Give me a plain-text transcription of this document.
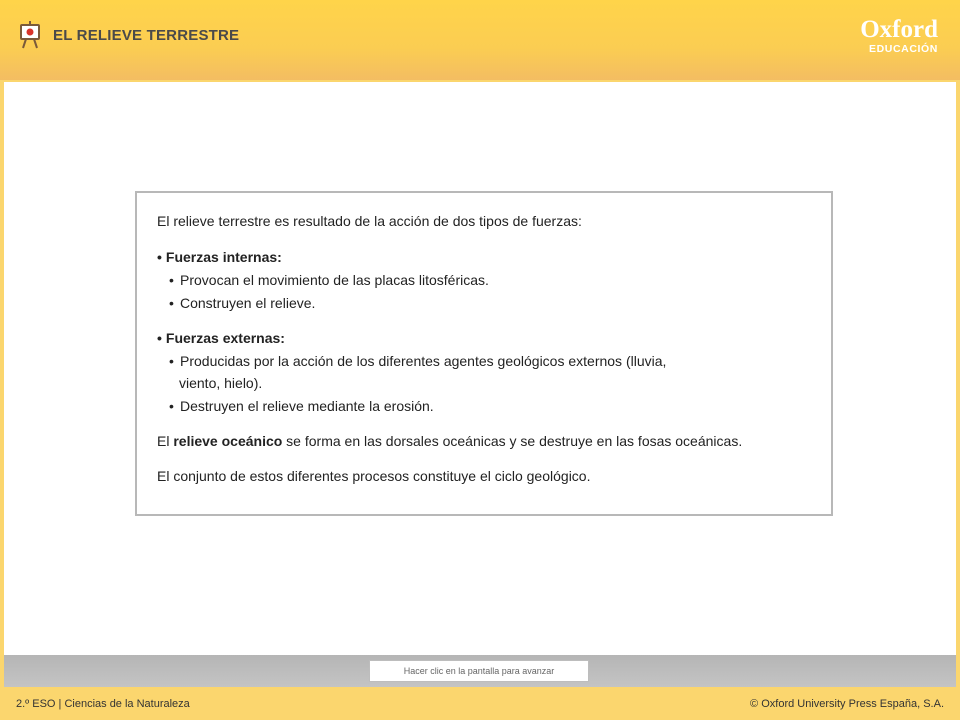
EL RELIEVE TERRESTRE	Oxford
EDUCACIÓN

El relieve terrestre es resultado de la acción de dos tipos de fuerzas:

• Fuerzas internas:

• Provocan el movimiento de las placas litosféricas.

• Construyen el relieve.

• Fuerzas externas:

• Producidas por la acción de los diferentes agentes geológicos externos (lluvia,

viento, hielo).

• Destruyen el relieve mediante la erosión.

El relieve oceánico se forma en las dorsales oceánicas y se destruye en las fosas oceánicas.

El conjunto de estos diferentes procesos constituye el ciclo geológico.

Hacer clic en la pantalla para avanzar
2.º ESO | Ciencias de la Naturaleza	© Oxford University Press España, S.A.
